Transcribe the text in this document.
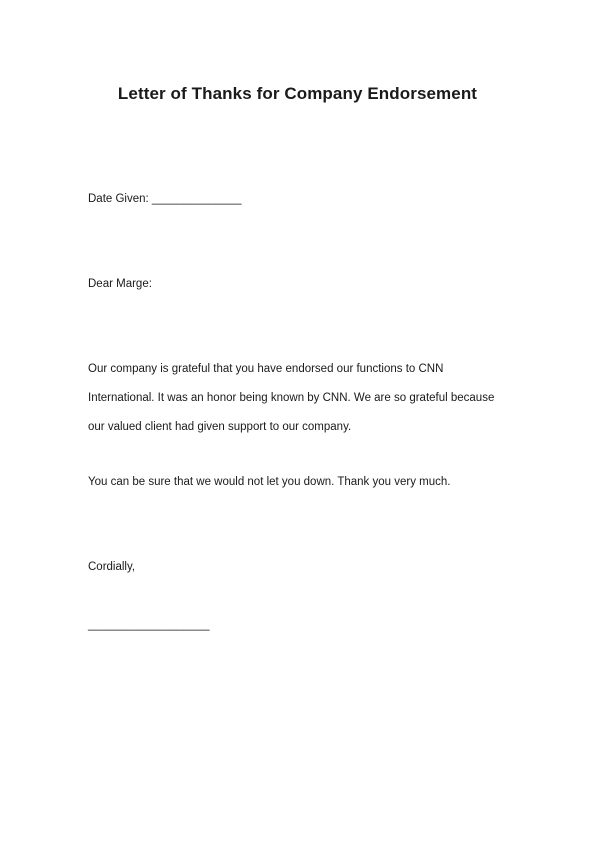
Letter of Thanks for Company Endorsement
Date Given: ______________
Dear Marge:
Our company is grateful that you have endorsed our functions to CNN
International. It was an honor being known by CNN. We are so grateful because
our valued client had given support to our company.
You can be sure that we would not let you down. Thank you very much.
Cordially,
___________________
